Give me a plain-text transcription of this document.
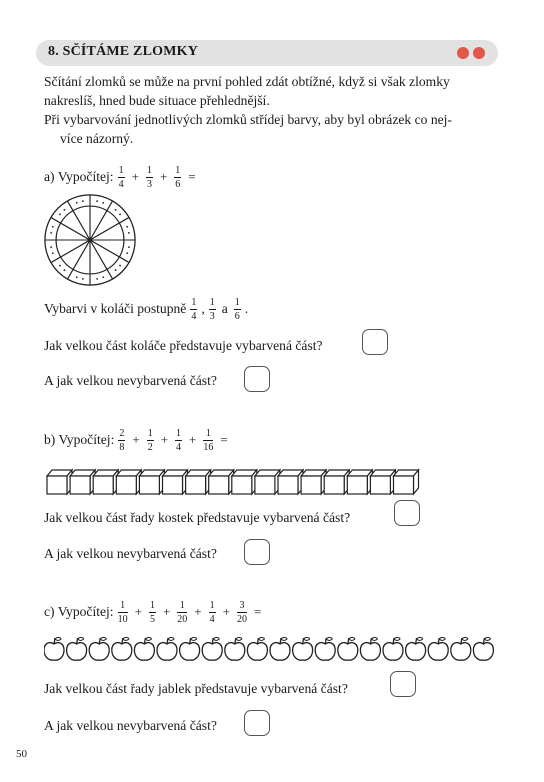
8. SČÍTÁME ZLOMKY
Sčítání zlomků se může na první pohled zdát obtížné, když si však zlomky
nakreslíš, hned bude situace přehlednější.
Při vybarvování jednotlivých zlomků střídej barvy, aby byl obrázek co nej-
více názorný.
a) Vypočítej: $\frac{1}{4} + \frac{1}{3} + \frac{1}{6}$ =
Vybarvi v koláči postupně $\frac{1}{4}$ , $\frac{1}{3}$ a $\frac{1}{6}$ .
Jak velkou část koláče představuje vybarvená část?
A jak velkou nevybarvená část?
b) Vypočítej: $\frac{2}{8} + \frac{1}{2} + \frac{1}{4} + \frac{1}{16}$ =
Jak velkou část řady kostek představuje vybarvená část?
A jak velkou nevybarvená část?
c) Vypočítej: $\frac{1}{10} + \frac{1}{5} + \frac{1}{20} + \frac{1}{4} + \frac{3}{20}$ =
Jak velkou část řady jablek představuje vybarvená část?
A jak velkou nevybarvená část?
50
